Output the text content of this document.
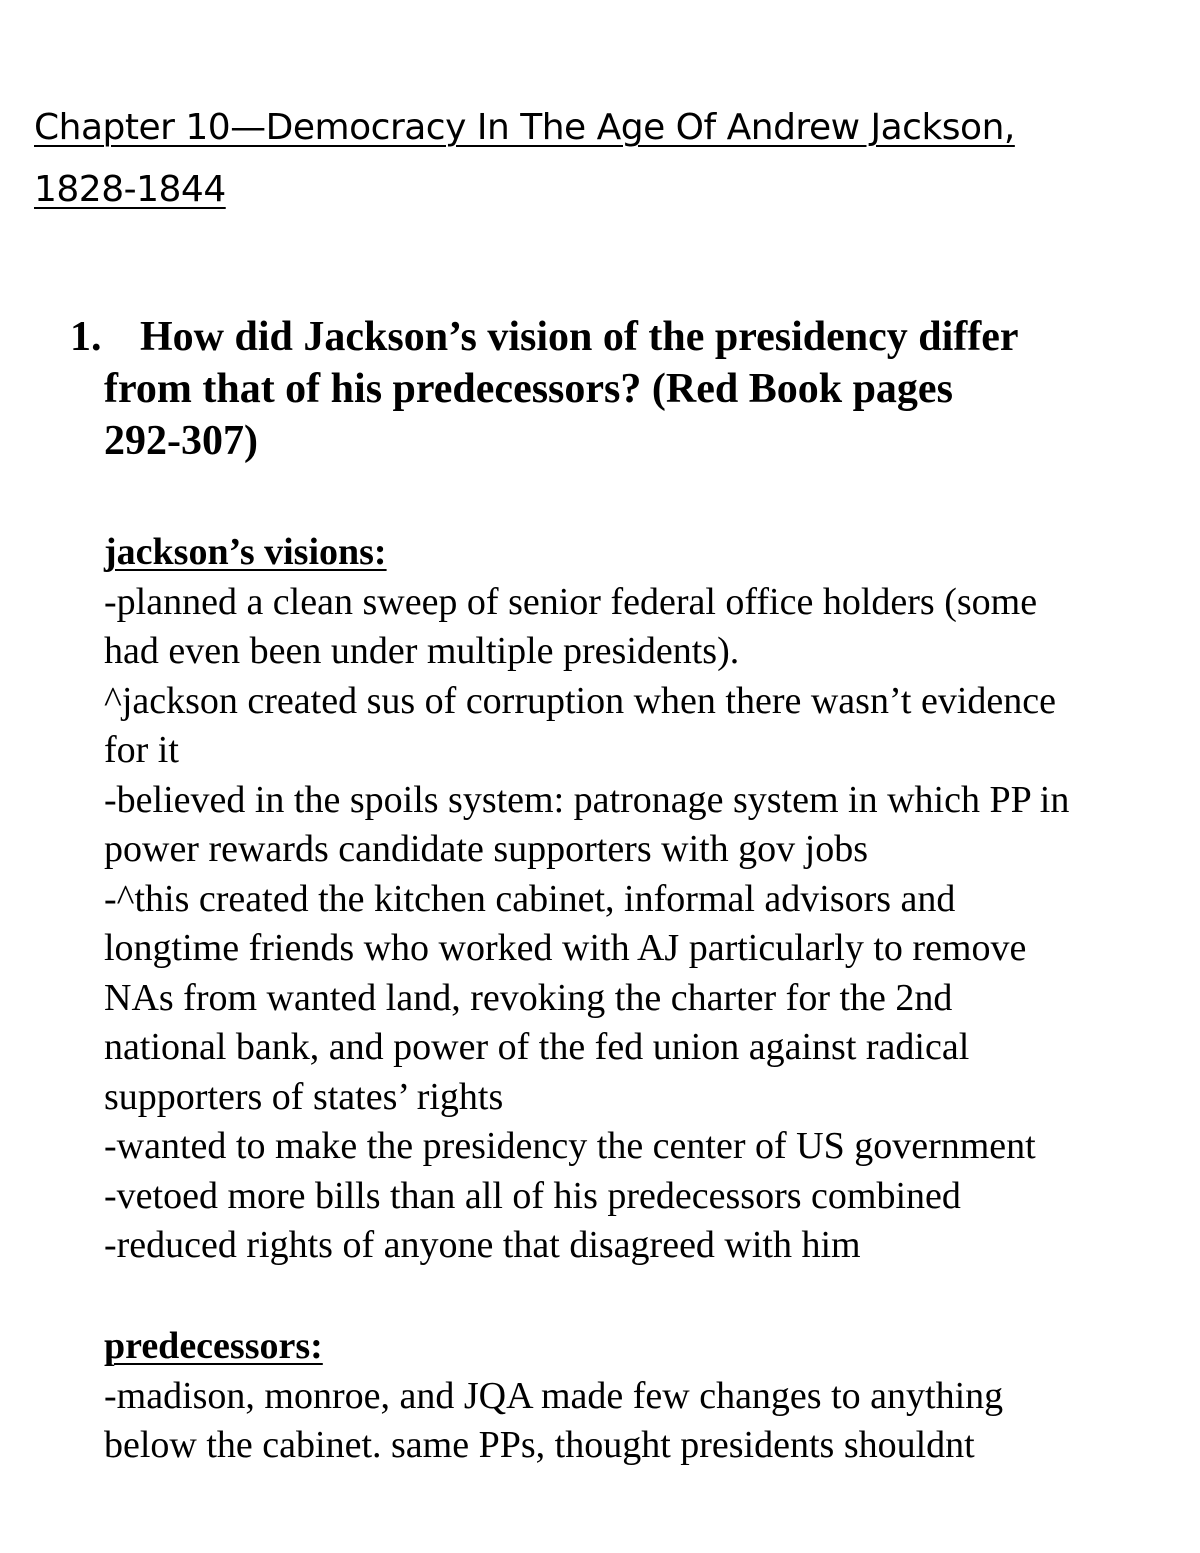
Chapter 10—Democracy In The Age Of Andrew Jackson,
1828-1844
1. How did Jackson’s vision of the presidency differ
from that of his predecessors? (Red Book pages
292-307)
jackson’s visions:
-planned a clean sweep of senior federal office holders (some
had even been under multiple presidents).
^jackson created sus of corruption when there wasn’t evidence
for it
-believed in the spoils system: patronage system in which PP in
power rewards candidate supporters with gov jobs
-^this created the kitchen cabinet, informal advisors and
longtime friends who worked with AJ particularly to remove
NAs from wanted land, revoking the charter for the 2nd
national bank, and power of the fed union against radical
supporters of states’ rights
-wanted to make the presidency the center of US government
-vetoed more bills than all of his predecessors combined
-reduced rights of anyone that disagreed with him
predecessors:
-madison, monroe, and JQA made few changes to anything
below the cabinet. same PPs, thought presidents shouldnt
